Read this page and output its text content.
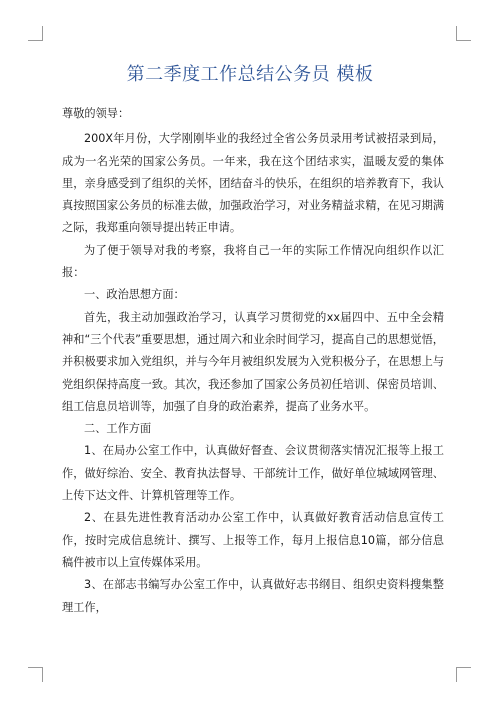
第二季度工作总结公务员 模板

尊敬的领导：

200X年月份，大学刚刚毕业的我经过全省公务员录用考试被招录到局，成为一名光荣的国家公务员。一年来，我在这个团结求实，温暖友爱的集体里，亲身感受到了组织的关怀，团结奋斗的快乐，在组织的培养教育下，我认真按照国家公务员的标准去做，加强政治学习，对业务精益求精，在见习期满之际，我郑重向领导提出转正申请。

为了便于领导对我的考察，我将自己一年的实际工作情况向组织作以汇报：

一、政治思想方面：

首先，我主动加强政治学习，认真学习贯彻党的xx届四中、五中全会精神和“三个代表”重要思想，通过周六和业余时间学习，提高自己的思想觉悟，并积极要求加入党组织，并与今年月被组织发展为入党积极分子，在思想上与党组织保持高度一致。其次，我还参加了国家公务员初任培训、保密员培训、组工信息员培训等，加强了自身的政治素养，提高了业务水平。

二、工作方面

1、在局办公室工作中，认真做好督查、会议贯彻落实情况汇报等上报工作，做好综治、安全、教育执法督导、干部统计工作，做好单位城域网管理、上传下达文件、计算机管理等工作。

2、在县先进性教育活动办公室工作中，认真做好教育活动信息宣传工作，按时完成信息统计、撰写、上报等工作，每月上报信息10篇，部分信息稿件被市以上宣传媒体采用。

3、在部志书编写办公室工作中，认真做好志书纲目、组织史资料搜集整理工作，
